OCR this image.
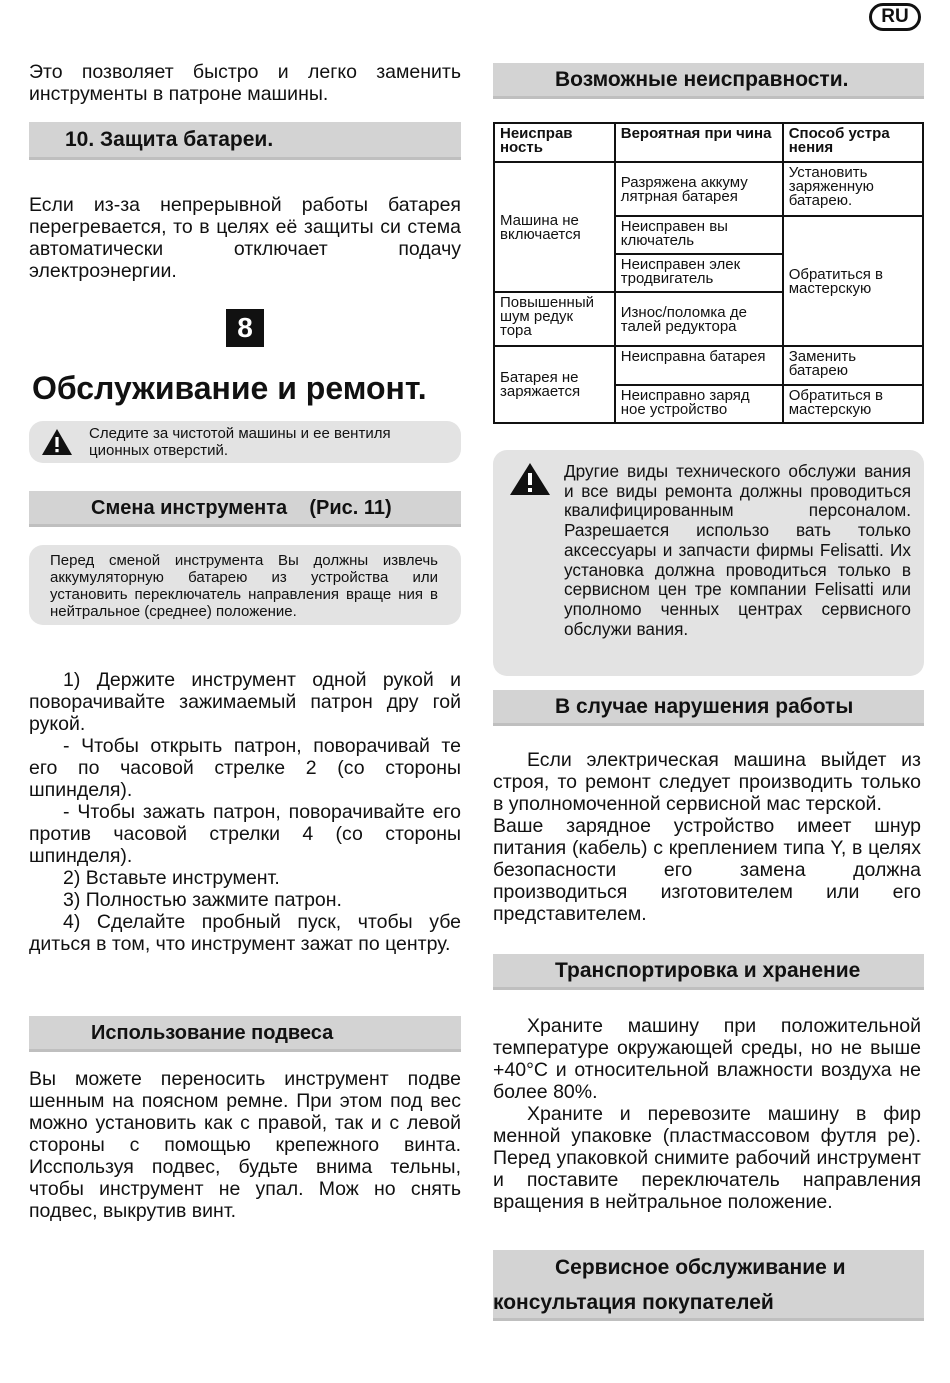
RU
Это позволяет быстро и легко заменить инструменты в патроне машины.
10. Защита батареи.
Если из-за непрерывной работы батарея перегревается, то в целях её защиты си стема автоматически отключает подачу электроэнергии.
8
Обслуживание и ремонт.
Следите за чистотой машины и ее вентиля ционных отверстий.
Смена инструмента    (Рис. 11)
Перед сменой инструмента Вы должны извлечь аккумуляторную батарею из устройства или установить переключатель направления враще ния в нейтральное (среднее) положение.

1) Держите инструмент одной рукой и поворачивайте зажимаемый патрон дру гой рукой.

- Чтобы открыть патрон, поворачивай те его по часовой стрелке 2 (со стороны шпинделя).

- Чтобы зажать патрон, поворачивайте его против часовой стрелки 4 (со стороны шпинделя).

2) Вставьте инструмент.

3) Полностью зажмите патрон.

4) Сделайте пробный пуск, чтобы убе диться в том, что инструмент зажат по центру.

Использование подвеса
Вы можете переносить инструмент подве шенным на поясном ремне. При этом под вес можно установить как с правой, так и с левой стороны с помощью крепежного винта. Исспользуя подвес, будьте внима тельны, чтобы инструмент не упал. Мож но снять подвес, выкрутив винт.
Возможные неисправности.
Неисправ ность	Вероятная при чина	Способ устра нения
Машина не включается	Разряжена аккуму лятрная батарея	Установить заряженную батарею.
	Неисправен вы ключатель	Обратиться в мастерскую
	Неисправен элек тродвигатель	
Повышенный шум редук тора	Износ/поломка де талей редуктора	
Батарея не заряжается	Неисправна батарея	Заменить батарею
	Неисправно заряд ное устройство	Обратиться в мастерскую
Другие виды технического обслужи вания и все виды ремонта должны проводиться квалифицированным персоналом. Разрешается использо вать только аксессуары и запчасти фирмы Felisatti. Их установка должна проводиться только в сервисном цен тре компании Felisatti или уполномо ченных центрах сервисного обслужи вания.
В случае нарушения работы

Если электрическая машина выйдет из строя, то ремонт следует производить только в уполномоченной сервисной мас терской.

Ваше зарядное устройство имеет шнур питания (кабель) с креплением типа Y, в целях безопасности его замена должна производиться изготовителем или его представителем.

Транспортировка и хранение

Храните машину при положительной температуре окружающей среды, но не выше +40°С и относительной влажности воздуха не более 80%.

Храните и перевозите машину в фир менной упаковке (пластмассовом футля ре). Перед упаковкой снимите рабочий инструмент и поставите переключатель направления вращения в нейтральное положение.

Сервисное обслуживание и
консультация покупателей
